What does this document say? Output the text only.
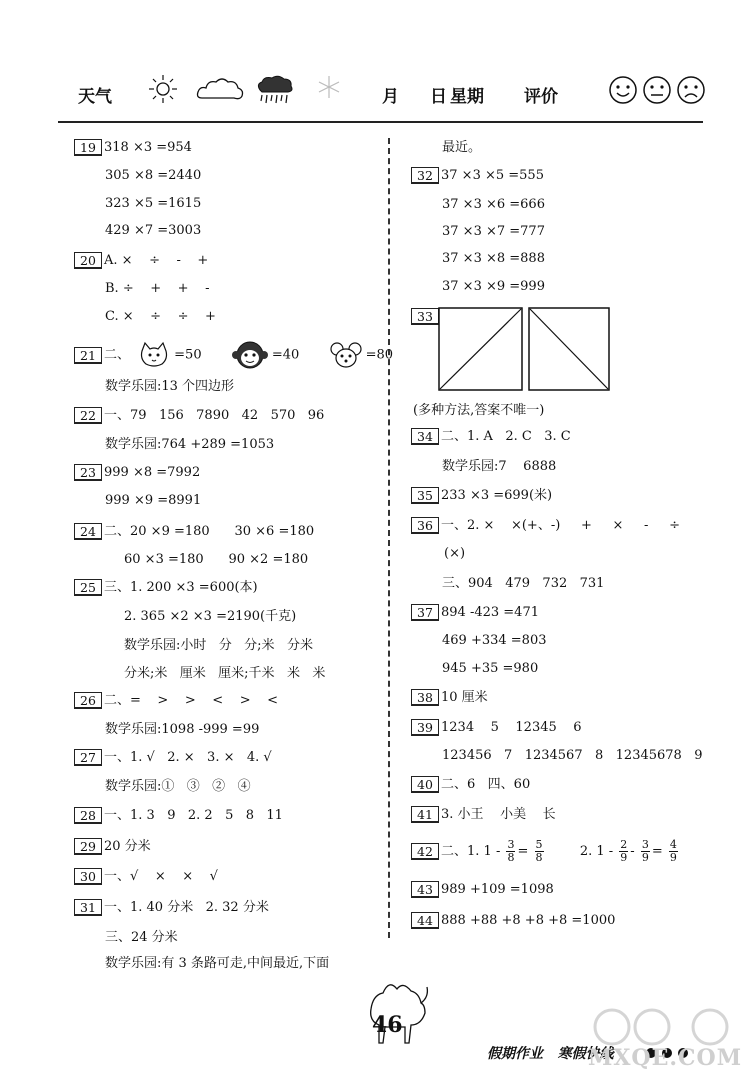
天气	月 日 星期 评价
19 318 ×3 =954
305 ×8 =2440
323 ×5 =1615
429 ×7 =3003
20 A. ×    ÷    -    +
B. ÷    +    +    -
C. ×    ÷    ÷    +
21 二、	=50	=40	=80
数学乐园:13 个四边形
22 一、79   156   7890   42   570   96
数学乐园:764 +289 =1053
23 999 ×8 =7992
999 ×9 =8991
24 二、20 ×9 =180      30 ×6 =180
60 ×3 =180      90 ×2 =180
25 三、1. 200 ×3 =600(本)
2. 365 ×2 ×3 =2190(千克)
数学乐园:小时   分   分;米   分米
分米;米   厘米   厘米;千米   米   米
26 二、=    >    >    <    >    <
数学乐园:1098 -999 =99
27 一、1. √   2. ×   3. ×   4. √
数学乐园:①   ③   ②   ④
28 一、1. 3   9   2. 2   5   8   11
29 20 分米
30 一、√    ×    ×    √
31 一、1. 40 分米   2. 32 分米
三、24 分米
数学乐园:有 3 条路可走,中间最近,下面
最近。
32 37 ×3 ×5 =555
37 ×3 ×6 =666
37 ×3 ×7 =777
37 ×3 ×8 =888
37 ×3 ×9 =999
33
(多种方法,答案不唯一)
34 二、1. A   2. C   3. C
数学乐园:7    6888
35 233 ×3 =699(米)
36 一、2. ×    ×(+、-)     +     ×     -     ÷
(×)
三、904   479   732   731
37 894 -423 =471
469 +334 =803
945 +35 =980
38 10 厘米
39 1234    5    12345    6
123456   7   1234567   8   12345678   9
40 二、6   四、60
41 3. 小王    小美    长
42 二、1. $1 - \frac{3}{8} = \frac{5}{8}$	2. $1 - \frac{2}{9} - \frac{3}{9} = \frac{4}{9}$
43 989 +109 =1098
44 888 +88 +8 +8 +8 =1000
46
假期作业   寒假快线
MXQE.COM
